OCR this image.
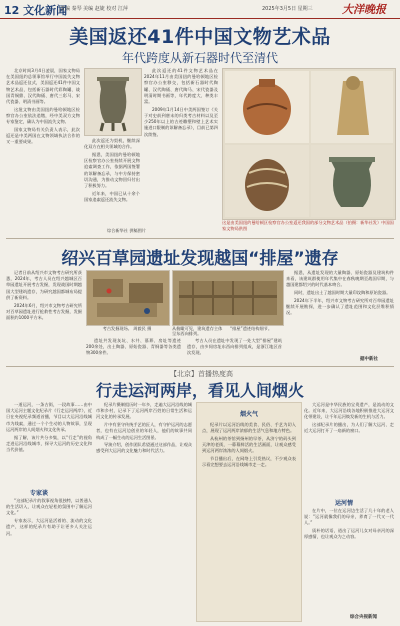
12 文化新闻
责编 秦琴 美编 赵婕 校对 江萍	2025年3月5日 星期三	大洋晚报
美国返还41件中国文物艺术品
年代跨度从新石器时代至清代

北京时间3月4日凌晨，国家文物局在美国纽约总领事馆举行中国流失文物艺术品返还仪式，美国返还41件中国文物艺术品，包括新石器时代彩陶罐、战国青铜鼎、汉代陶俑、唐代三彩马、宋代瓷器、明清书画等。

这批文物由美国纽约曼哈顿地区检察官办公室依法追缴，经中美双方文物专家鉴定，确认为中国流失文物。

国家文物局有关负责人表示，此次返还是中美两国在文物领域执法合作的又一重要成果。	此次返还为契机，继续深化双方在相关领域的合作。

据悉，美国纽约曼哈顿地区检察官办公室持续开展文物追索调查工作，依据两国签署的谅解备忘录，与中方保持密切沟通，为推动文物回归付出了积极努力。

近年来，中国已从十余个国家追索返还流失文物。

此次返还的41件文物艺术品在2024年11月由美国纽约曼哈顿地区检察官办公室移交，包括新石器时代陶罐、汉代陶俑、唐代陶马、宋代瓷器及明清时期书画等，年代跨度大、种类丰富。

2009年1月14日中美两国签订《关于对史前到唐末的归类考古材料以及至少250年以上的古迹雕塑和壁上艺术实施进口限制的谅解备忘录》，目前已第四次续签。

综合新华社 供稿图片
这是由美国纽约曼哈顿区检察官办公室返还我国的部分文物艺术品（拍摄：新华社发）中国国家文物局供图
绍兴百草园遗址发现越国“排屋”遗存

记者日前从绍兴市文物考古研究所获悉，2024年，考古人员在绍兴越城区百草园遗址开展考古发掘，发现战国时期越国大型建筑遗存，为研究越国都城布局提供了新资料。

2024年6月，绍兴市文物考古研究所对百草园遗址进行抢救性考古发掘，发掘面积约1000平方米。

考古发掘现场。 周毅民 摄	从俯瞰可见，建筑遗存主体呈东西向排列。
“排屋”遗迹结构细节。

遗址共发现灰坑、水井、墓葬、房址等遗迹200余处，出土陶器、原始瓷器、青铜器等各类遗物300余件。

考古人员在遗址中发现了一处大型“排屋”建筑遗存，由多间房址东西向排列组成，是浙江地区首次发现。

据悉，从遗址发现的大量陶器、原始瓷器及建筑构件来看，该建筑群使用年代集中在春秋晚期至战国早期，与越国建都绍兴的时代基本吻合。

同时，遗址出土了越国时期大量印纹陶和原始瓷器。

2024年下半年，绍兴市文物考古研究所对百草园遗址继续开展勘探，进一步确认了遗址范围和文化层堆积情况。

据中新社
【北京】首播热度高
行走运河两岸，看见人间烟火

一道运河，一条古街，一段故事……由中国大运河主题文化纪录片《行走运河两岸》，近日在央视纪录频道首播，节目以大运河沿线城市为线索，通过一个个生动的人物故事，呈现运河两岸的人间烟火和文化传承。

据了解，该片共分多集，以“行走”的视角走进运河沿线城市，探寻大运河的历史文化和当代价值。

专家谈

“这部纪录片的叙事视角很独特，以普通人的生活切入，让观众在轻松的氛围中了解运河文化。”

专家表示，大运河是活着的、流动的文化遗产，这样的纪录片有助于让更多人关注运河。

纪录片摄制组历时一年多，走遍大运河沿线的城市和乡村，记录下了运河两岸百姓的日常生活和运河文化的传承发展。

片中有坚守传统手艺的匠人，有守护运河的志愿者，也有在运河边创业的年轻人，他们的故事共同构成了一幅生动的运河生活图景。

导演介绍，创作团队希望通过这部作品，让观众感受到大运河的文化魅力和时代活力。

烟火气

纪录片以运河沿线的美食、民俗、手艺为切入点，展现了运河两岸浓郁的生活气息和地方特色。

从杭州的茶馆到扬州的早茶，从济宁的码头到天津的老街，一幕幕鲜活的生活画面，让观众感受到运河两岸浓浓的人间烟火。

节目播出后，在网络上引发热议，不少观众表示看完想要去运河沿线城市走一走。

大运河是中华民族的宝贵遗产，是流动的文化。近年来，大运河沿线各地积极推进大运河文化带建设，让千年运河焕发新的生机与活力。

这部纪录片的播出，为人们了解大运河、走近大运河打开了一扇新的窗口。

运河情

在片中，一位在运河边生活了几十年的老人说：“运河就像我们的母亲，养育了一代又一代人。”

质朴的话语，道出了运河儿女对母亲河的深厚感情，也让观众为之动容。

综合央视新闻
